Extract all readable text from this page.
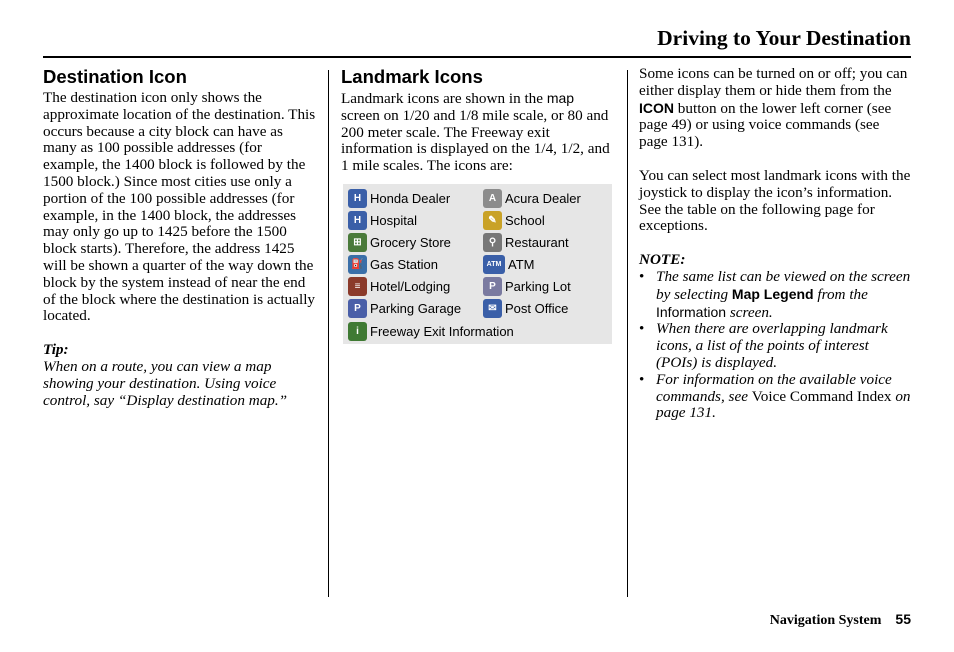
Driving to Your Destination
Destination Icon

The destination icon only shows the approximate location of the destination. This occurs because a city block can have as many as 100 possible addresses (for example, the 1400 block is followed by the 1500 block.) Since most cities use only a portion of the 100 possible addresses (for example, in the 1400 block, the addresses may only go up to 1425 before the 1500 block starts). Therefore, the address 1425 will be shown a quarter of the way down the block by the system instead of near the end of the block where the destination is actually located.

Tip:

When on a route, you can view a map showing your destination. Using voice control, say “Display destination map.”

Landmark Icons

Landmark icons are shown in the map screen on 1/20 and 1/8 mile scale, or 80 and 200 meter scale. The Freeway exit information is displayed on the 1/4, 1/2, and 1 mile scales. The icons are:

H Honda Dealer	A Acura Dealer
H Hospital	✎ School
⊞ Grocery Store	⚲ Restaurant
⛽ Gas Station	ATM ATM
≡ Hotel/Lodging	P Parking Lot
P Parking Garage	✉ Post Office
i Freeway Exit Information

Some icons can be turned on or off; you can either display them or hide them from the ICON button on the lower left corner (see page 49) or using voice commands (see page 131).

You can select most landmark icons with the joystick to display the icon’s information. See the table on the following page for exceptions.

NOTE:

• The same list can be viewed on the screen by selecting Map Legend from the Information screen.
• When there are overlapping landmark icons, a list of the points of interest (POIs) is displayed.
• For information on the available voice commands, see Voice Command Index on page 131.
Navigation System 55
